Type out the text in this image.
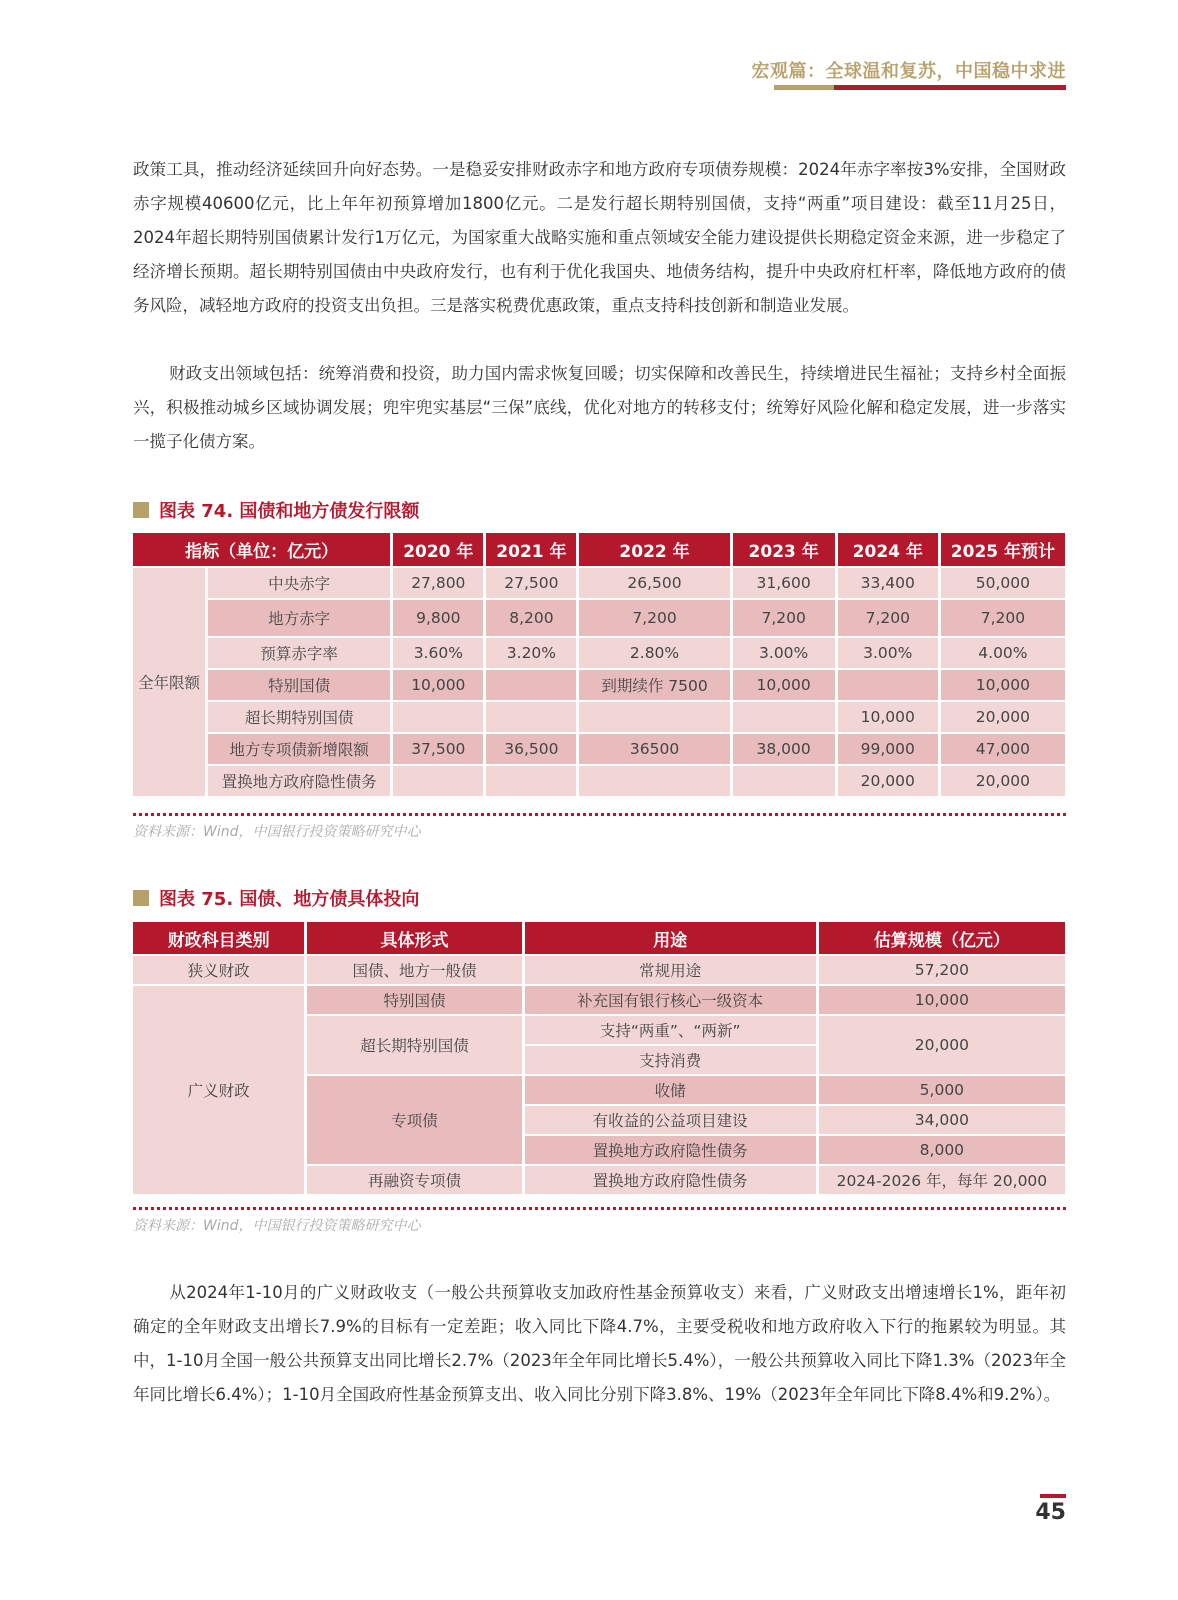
宏观篇：全球温和复苏，中国稳中求进

政策工具，推动经济延续回升向好态势。一是稳妥安排财政赤字和地方政府专项债券规模：2024年赤字率按3%安排，全国财政赤字规模40600亿元，比上年年初预算增加1800亿元。二是发行超长期特别国债，支持“两重”项目建设：截至11月25日，2024年超长期特别国债累计发行1万亿元，为国家重大战略实施和重点领域安全能力建设提供长期稳定资金来源，进一步稳定了经济增长预期。超长期特别国债由中央政府发行，也有利于优化我国央、地债务结构，提升中央政府杠杆率，降低地方政府的债务风险，减轻地方政府的投资支出负担。三是落实税费优惠政策，重点支持科技创新和制造业发展。

财政支出领域包括：统筹消费和投资，助力国内需求恢复回暖；切实保障和改善民生，持续增进民生福祉；支持乡村全面振兴，积极推动城乡区域协调发展；兜牢兜实基层“三保”底线，优化对地方的转移支付；统筹好风险化解和稳定发展，进一步落实一揽子化债方案。

图表 74. 国债和地方债发行限额
指标（单位：亿元）		2020 年	2021 年	2022 年	2023 年	2024 年	2025 年预计
全年限额	中央赤字	27,800	27,500	26,500	31,600	33,400	50,000
	地方赤字	9,800	8,200	7,200	7,200	7,200	7,200
	预算赤字率	3.60%	3.20%	2.80%	3.00%	3.00%	4.00%
	特别国债	10,000		到期续作 7500	10,000		10,000
	超长期特别国债					10,000	20,000
	地方专项债新增限额	37,500	36,500	36500	38,000	99,000	47,000
	置换地方政府隐性债务					20,000	20,000
资料来源：Wind，中国银行投资策略研究中心
图表 75. 国债、地方债具体投向
财政科目类别	具体形式	用途	估算规模（亿元）
狭义财政	国债、地方一般债	常规用途	57,200
广义财政	特别国债	补充国有银行核心一级资本	10,000
	超长期特别国债	支持“两重”、“两新”	20,000
		支持消费	
	专项债	收储	5,000
		有收益的公益项目建设	34,000
		置换地方政府隐性债务	8,000
	再融资专项债	置换地方政府隐性债务	2024-2026 年，每年 20,000
资料来源：Wind，中国银行投资策略研究中心

从2024年1-10月的广义财政收支（一般公共预算收支加政府性基金预算收支）来看，广义财政支出增速增长1%，距年初确定的全年财政支出增长7.9%的目标有一定差距；收入同比下降4.7%，主要受税收和地方政府收入下行的拖累较为明显。其中，1-10月全国一般公共预算支出同比增长2.7%（2023年全年同比增长5.4%），一般公共预算收入同比下降1.3%（2023年全年同比增长6.4%）；1-10月全国政府性基金预算支出、收入同比分别下降3.8%、19%（2023年全年同比下降8.4%和9.2%）。

45
